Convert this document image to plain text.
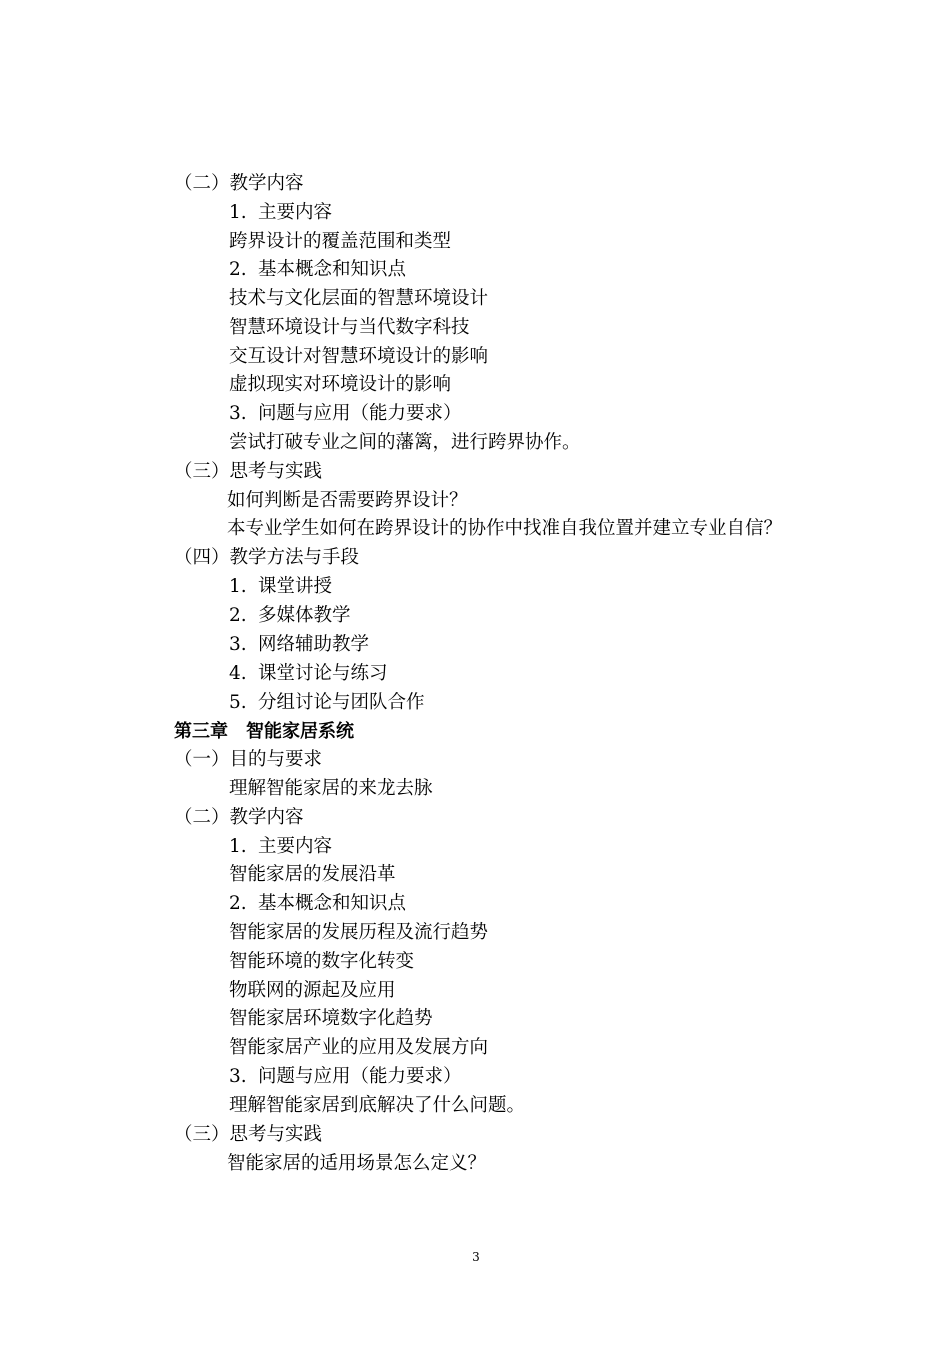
（二）教学内容
1. 主要内容
跨界设计的覆盖范围和类型
2. 基本概念和知识点
技术与文化层面的智慧环境设计
智慧环境设计与当代数字科技
交互设计对智慧环境设计的影响
虚拟现实对环境设计的影响
3. 问题与应用（能力要求）
尝试打破专业之间的藩篱，进行跨界协作。
（三）思考与实践
如何判断是否需要跨界设计？
本专业学生如何在跨界设计的协作中找准自我位置并建立专业自信？
（四）教学方法与手段
1. 课堂讲授
2. 多媒体教学
3. 网络辅助教学
4. 课堂讨论与练习
5. 分组讨论与团队合作
第三章 智能家居系统
（一）目的与要求
理解智能家居的来龙去脉
（二）教学内容
1. 主要内容
智能家居的发展沿革
2. 基本概念和知识点
智能家居的发展历程及流行趋势
智能环境的数字化转变
物联网的源起及应用
智能家居环境数字化趋势
智能家居产业的应用及发展方向
3. 问题与应用（能力要求）
理解智能家居到底解决了什么问题。
（三）思考与实践
智能家居的适用场景怎么定义？
3
